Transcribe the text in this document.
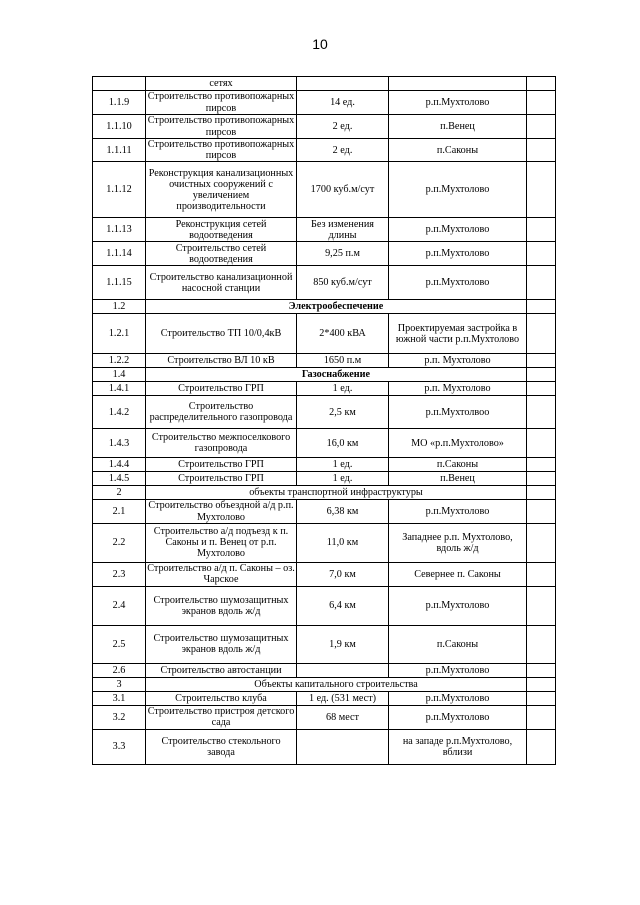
10
	сетях			
1.1.9	Строительство противопожарных пирсов	14 ед.	р.п.Мухтолово	
1.1.10	Строительство противопожарных пирсов	2 ед.	п.Венец	
1.1.11	Строительство противопожарных пирсов	2 ед.	п.Саконы	
1.1.12	Реконструкция канализационных очистных сооружений с увеличением производительности	1700 куб.м/сут	р.п.Мухтолово	
1.1.13	Реконструкция сетей водоотведения	Без изменения длины	р.п.Мухтолово	
1.1.14	Строительство сетей водоотведения	9,25 п.м	р.п.Мухтолово	
1.1.15	Строительство канализационной насосной станции	850 куб.м/сут	р.п.Мухтолово	
1.2	Электрообеспечение			
1.2.1	Строительство ТП 10/0,4кВ	2*400 кВА	Проектируемая застройка в южной части р.п.Мухтолово	
1.2.2	Строительство ВЛ 10 кВ	1650 п.м	р.п. Мухтолово	
1.4	Газоснабжение			
1.4.1	Строительство ГРП	1 ед.	р.п. Мухтолово	
1.4.2	Строительство распределительного газопровода	2,5 км	р.п.Мухтолвоо	
1.4.3	Строительство межпоселкового газопровода	16,0 км	МО «р.п.Мухтолово»	
1.4.4	Строительство ГРП	1 ед.	п.Саконы	
1.4.5	Строительство ГРП	1 ед.	п.Венец	
2	объекты транспортной инфраструктуры			
2.1	Строительство объездной а/д р.п. Мухтолово	6,38 км	р.п.Мухтолово	
2.2	Строительство а/д подъезд к п. Саконы и п. Венец от р.п. Мухтолово	11,0 км	Западнее р.п. Мухтолово, вдоль ж/д	
2.3	Строительство а/д п. Саконы – оз. Чарское	7,0 км	Севернее п. Саконы	
2.4	Строительство шумозащитных экранов вдоль ж/д	6,4 км	р.п.Мухтолово	
2.5	Строительство шумозащитных экранов вдоль ж/д	1,9 км	п.Саконы	
2.6	Строительство автостанции		р.п.Мухтолово	
3	Объекты капитального строительства			
3.1	Строительство клуба	1 ед. (531 мест)	р.п.Мухтолово	
3.2	Строительство пристроя детского сада	68 мест	р.п.Мухтолово	
3.3	Строительство стекольного завода		на западе р.п.Мухтолово, вблизи	
